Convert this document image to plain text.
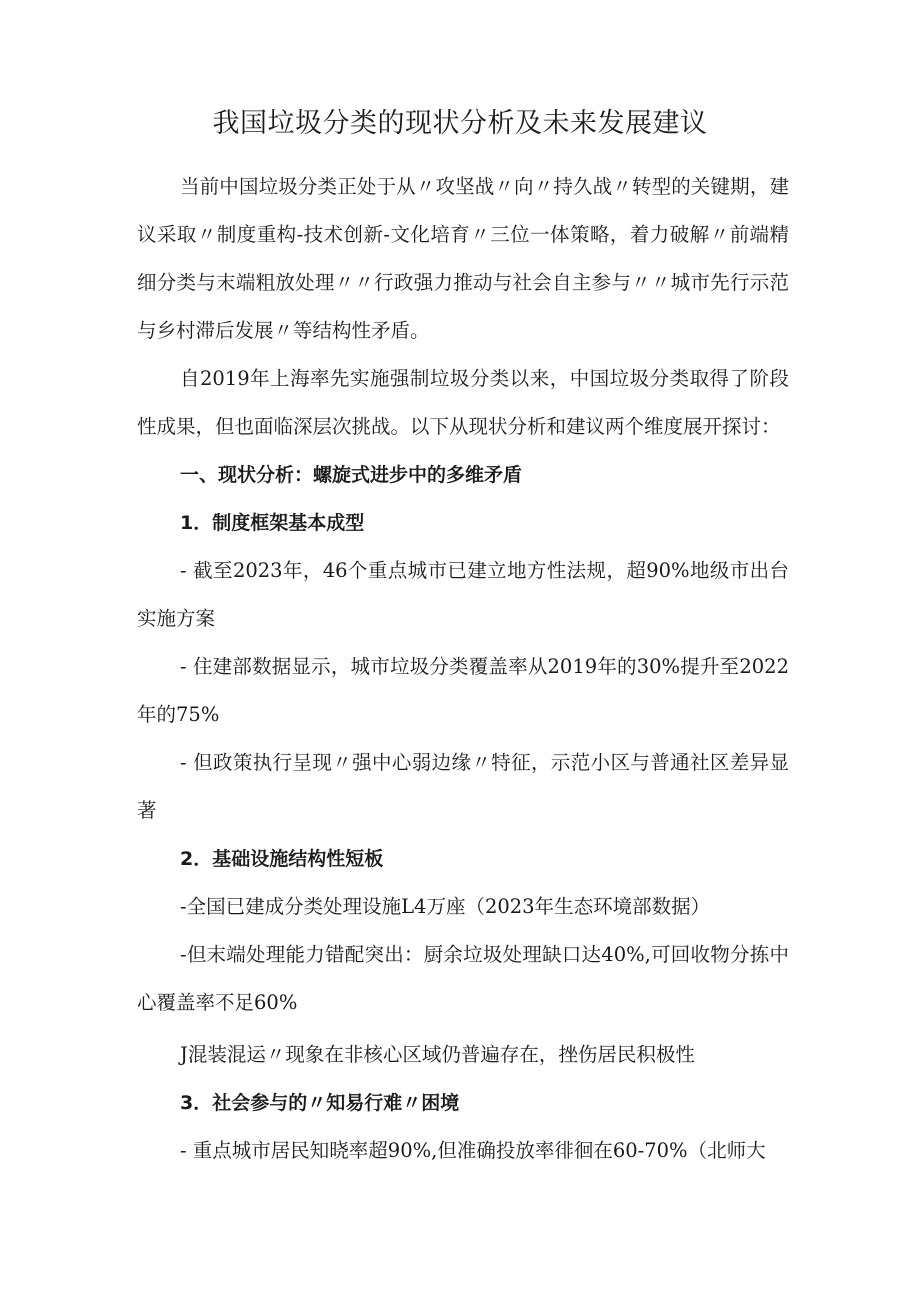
我国垃圾分类的现状分析及未来发展建议

当前中国垃圾分类正处于从〃攻坚战〃向〃持久战〃转型的关键期，建议采取〃制度重构-技术创新-文化培育〃三位一体策略，着力破解〃前端精细分类与末端粗放处理〃〃行政强力推动与社会自主参与〃〃城市先行示范与乡村滞后发展〃等结构性矛盾。

自2019年上海率先实施强制垃圾分类以来，中国垃圾分类取得了阶段性成果，但也面临深层次挑战。以下从现状分析和建议两个维度展开探讨：

一、现状分析：螺旋式进步中的多维矛盾

1．制度框架基本成型

- 截至2023年，46个重点城市已建立地方性法规，超90%地级市出台实施方案

- 住建部数据显示，城市垃圾分类覆盖率从2019年的30%提升至2022年的75%

- 但政策执行呈现〃强中心弱边缘〃特征，示范小区与普通社区差异显著

2．基础设施结构性短板

-全国已建成分类处理设施L4万座（2023年生态环境部数据）

-但末端处理能力错配突出：厨余垃圾处理缺口达40%,可回收物分拣中心覆盖率不足60%

J混装混运〃现象在非核心区域仍普遍存在，挫伤居民积极性

3．社会参与的〃知易行难〃困境

- 重点城市居民知晓率超90%,但准确投放率徘徊在60-70%（北师大
